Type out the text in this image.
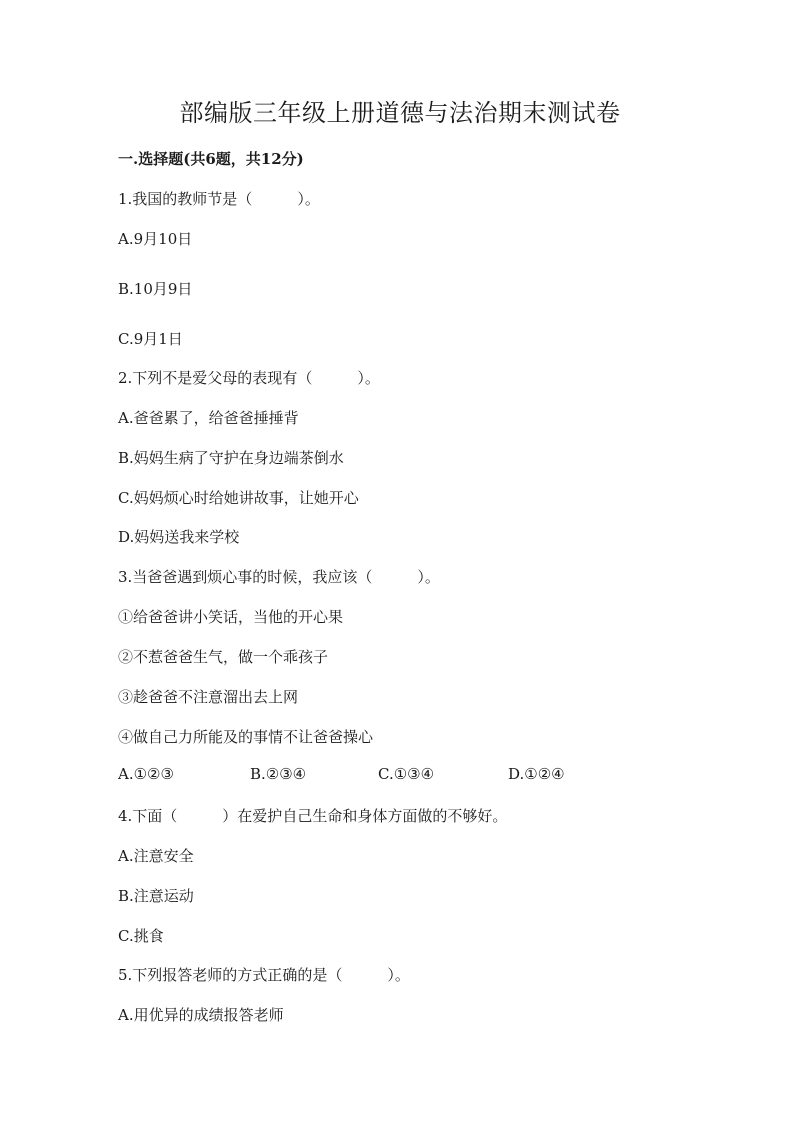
部编版三年级上册道德与法治期末测试卷
一.选择题(共6题，共12分)
1.我国的教师节是（　　　）。
A.9月10日
B.10月9日
C.9月1日
2.下列不是爱父母的表现有（　　　）。
A.爸爸累了，给爸爸捶捶背
B.妈妈生病了守护在身边端茶倒水
C.妈妈烦心时给她讲故事，让她开心
D.妈妈送我来学校
3.当爸爸遇到烦心事的时候，我应该（　　　）。
①给爸爸讲小笑话，当他的开心果
②不惹爸爸生气，做一个乖孩子
③趁爸爸不注意溜出去上网
④做自己力所能及的事情不让爸爸操心
A.①②③	B.②③④	C.①③④	D.①②④
4.下面（　　　）在爱护自己生命和身体方面做的不够好。
A.注意安全
B.注意运动
C.挑食
5.下列报答老师的方式正确的是（　　　）。
A.用优异的成绩报答老师
